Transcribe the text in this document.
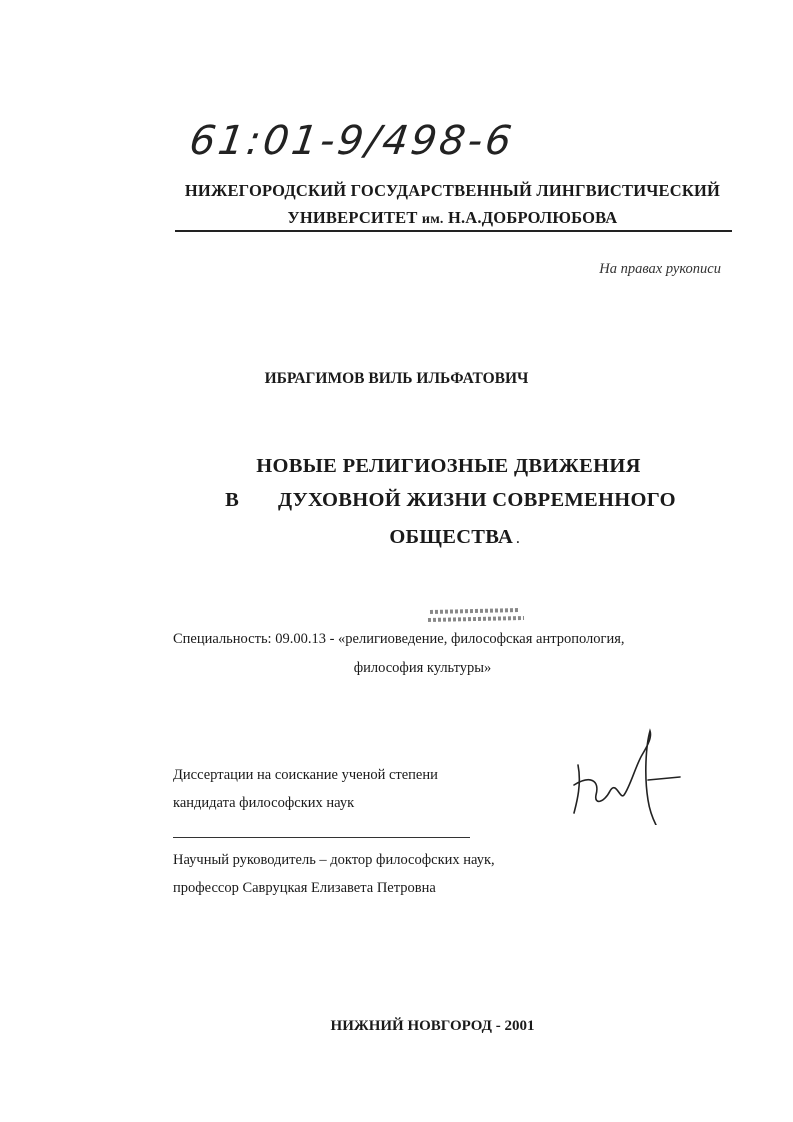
61:01-9/498-6
НИЖЕГОРОДСКИЙ ГОСУДАРСТВЕННЫЙ ЛИНГВИСТИЧЕСКИЙ
УНИВЕРСИТЕТ им. Н.А.ДОБРОЛЮБОВА
На правах рукописи
ИБРАГИМОВ ВИЛЬ ИЛЬФАТОВИЧ
НОВЫЕ РЕЛИГИОЗНЫЕ ДВИЖЕНИЯ
В ДУХОВНОЙ ЖИЗНИ СОВРЕМЕННОГО
ОБЩЕСТВА .
Специальность: 09.00.13 - «религиоведение, философская антропология,
философия культуры»
Диссертации на соискание ученой степени
кандидата философских наук
Научный руководитель – доктор философских наук,
профессор Савруцкая Елизавета Петровна
НИЖНИЙ НОВГОРОД - 2001
